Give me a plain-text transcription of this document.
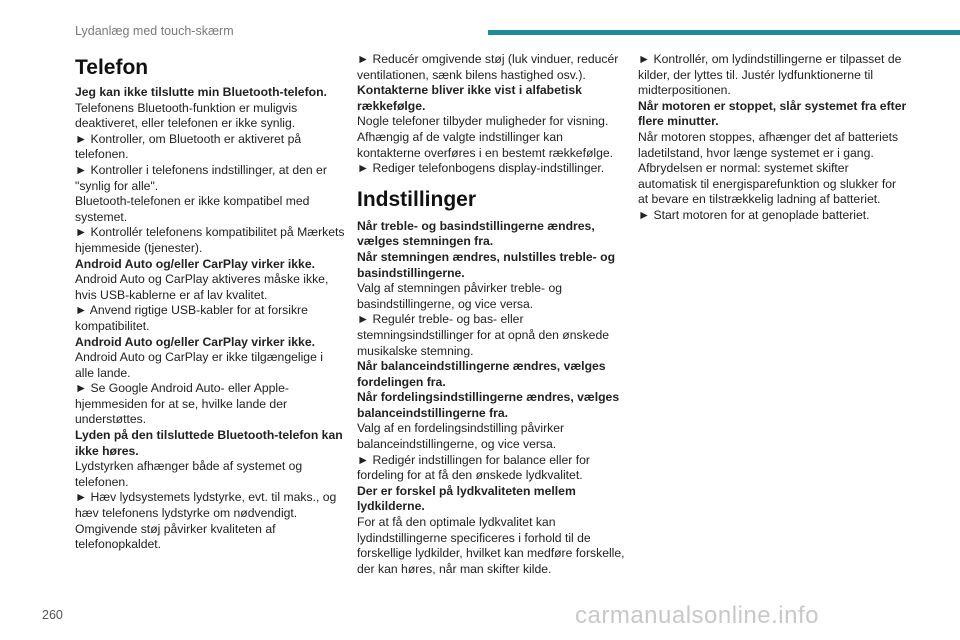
Lydanlæg med touch-skærm
Telefon

Jeg kan ikke tilslutte min Bluetooth-telefon.

Telefonens Bluetooth-funktion er muligvis deaktiveret, eller telefonen er ikke synlig.

► Kontroller, om Bluetooth er aktiveret på telefonen.

► Kontroller i telefonens indstillinger, at den er "synlig for alle".

Bluetooth-telefonen er ikke kompatibel med systemet.

► Kontrollér telefonens kompatibilitet på Mærkets hjemmeside (tjenester).

Android Auto og/eller CarPlay virker ikke.

Android Auto og CarPlay aktiveres måske ikke, hvis USB-kablerne er af lav kvalitet.

► Anvend rigtige USB-kabler for at forsikre kompatibilitet.

Android Auto og/eller CarPlay virker ikke.

Android Auto og CarPlay er ikke tilgængelige i alle lande.

► Se Google Android Auto- eller Apple-hjemmesiden for at se, hvilke lande der understøttes.

Lyden på den tilsluttede Bluetooth-telefon kan ikke høres.

Lydstyrken afhænger både af systemet og telefonen.

► Hæv lydsystemets lydstyrke, evt. til maks., og hæv telefonens lydstyrke om nødvendigt.

Omgivende støj påvirker kvaliteten af telefonopkaldet.

► Reducér omgivende støj (luk vinduer, reducér ventilationen, sænk bilens hastighed osv.).

Kontakterne bliver ikke vist i alfabetisk rækkefølge.

Nogle telefoner tilbyder muligheder for visning. Afhængig af de valgte indstillinger kan kontakterne overføres i en bestemt rækkefølge.

► Rediger telefonbogens display-indstillinger.

Indstillinger

Når treble- og basindstillingerne ændres, vælges stemningen fra.

Når stemningen ændres, nulstilles treble- og basindstillingerne.

Valg af stemningen påvirker treble- og basindstillingerne, og vice versa.

► Regulér treble- og bas- eller stemningsindstillinger for at opnå den ønskede musikalske stemning.

Når balanceindstillingerne ændres, vælges fordelingen fra.

Når fordelingsindstillingerne ændres, vælges balanceindstillingerne fra.

Valg af en fordelingsindstilling påvirker balanceindstillingerne, og vice versa.

► Redigér indstillingen for balance eller for fordeling for at få den ønskede lydkvalitet.

Der er forskel på lydkvaliteten mellem lydkilderne.

For at få den optimale lydkvalitet kan lydindstillingerne specificeres i forhold til de forskellige lydkilder, hvilket kan medføre forskelle, der kan høres, når man skifter kilde.

► Kontrollér, om lydindstillingerne er tilpasset de kilder, der lyttes til. Justér lydfunktionerne til midterpositionen.

Når motoren er stoppet, slår systemet fra efter flere minutter.

Når motoren stoppes, afhænger det af batteriets ladetilstand, hvor længe systemet er i gang.

Afbrydelsen er normal: systemet skifter automatisk til energisparefunktion og slukker for at bevare en tilstrækkelig ladning af batteriet.

► Start motoren for at genoplade batteriet.

260	carmanualsonline.info
